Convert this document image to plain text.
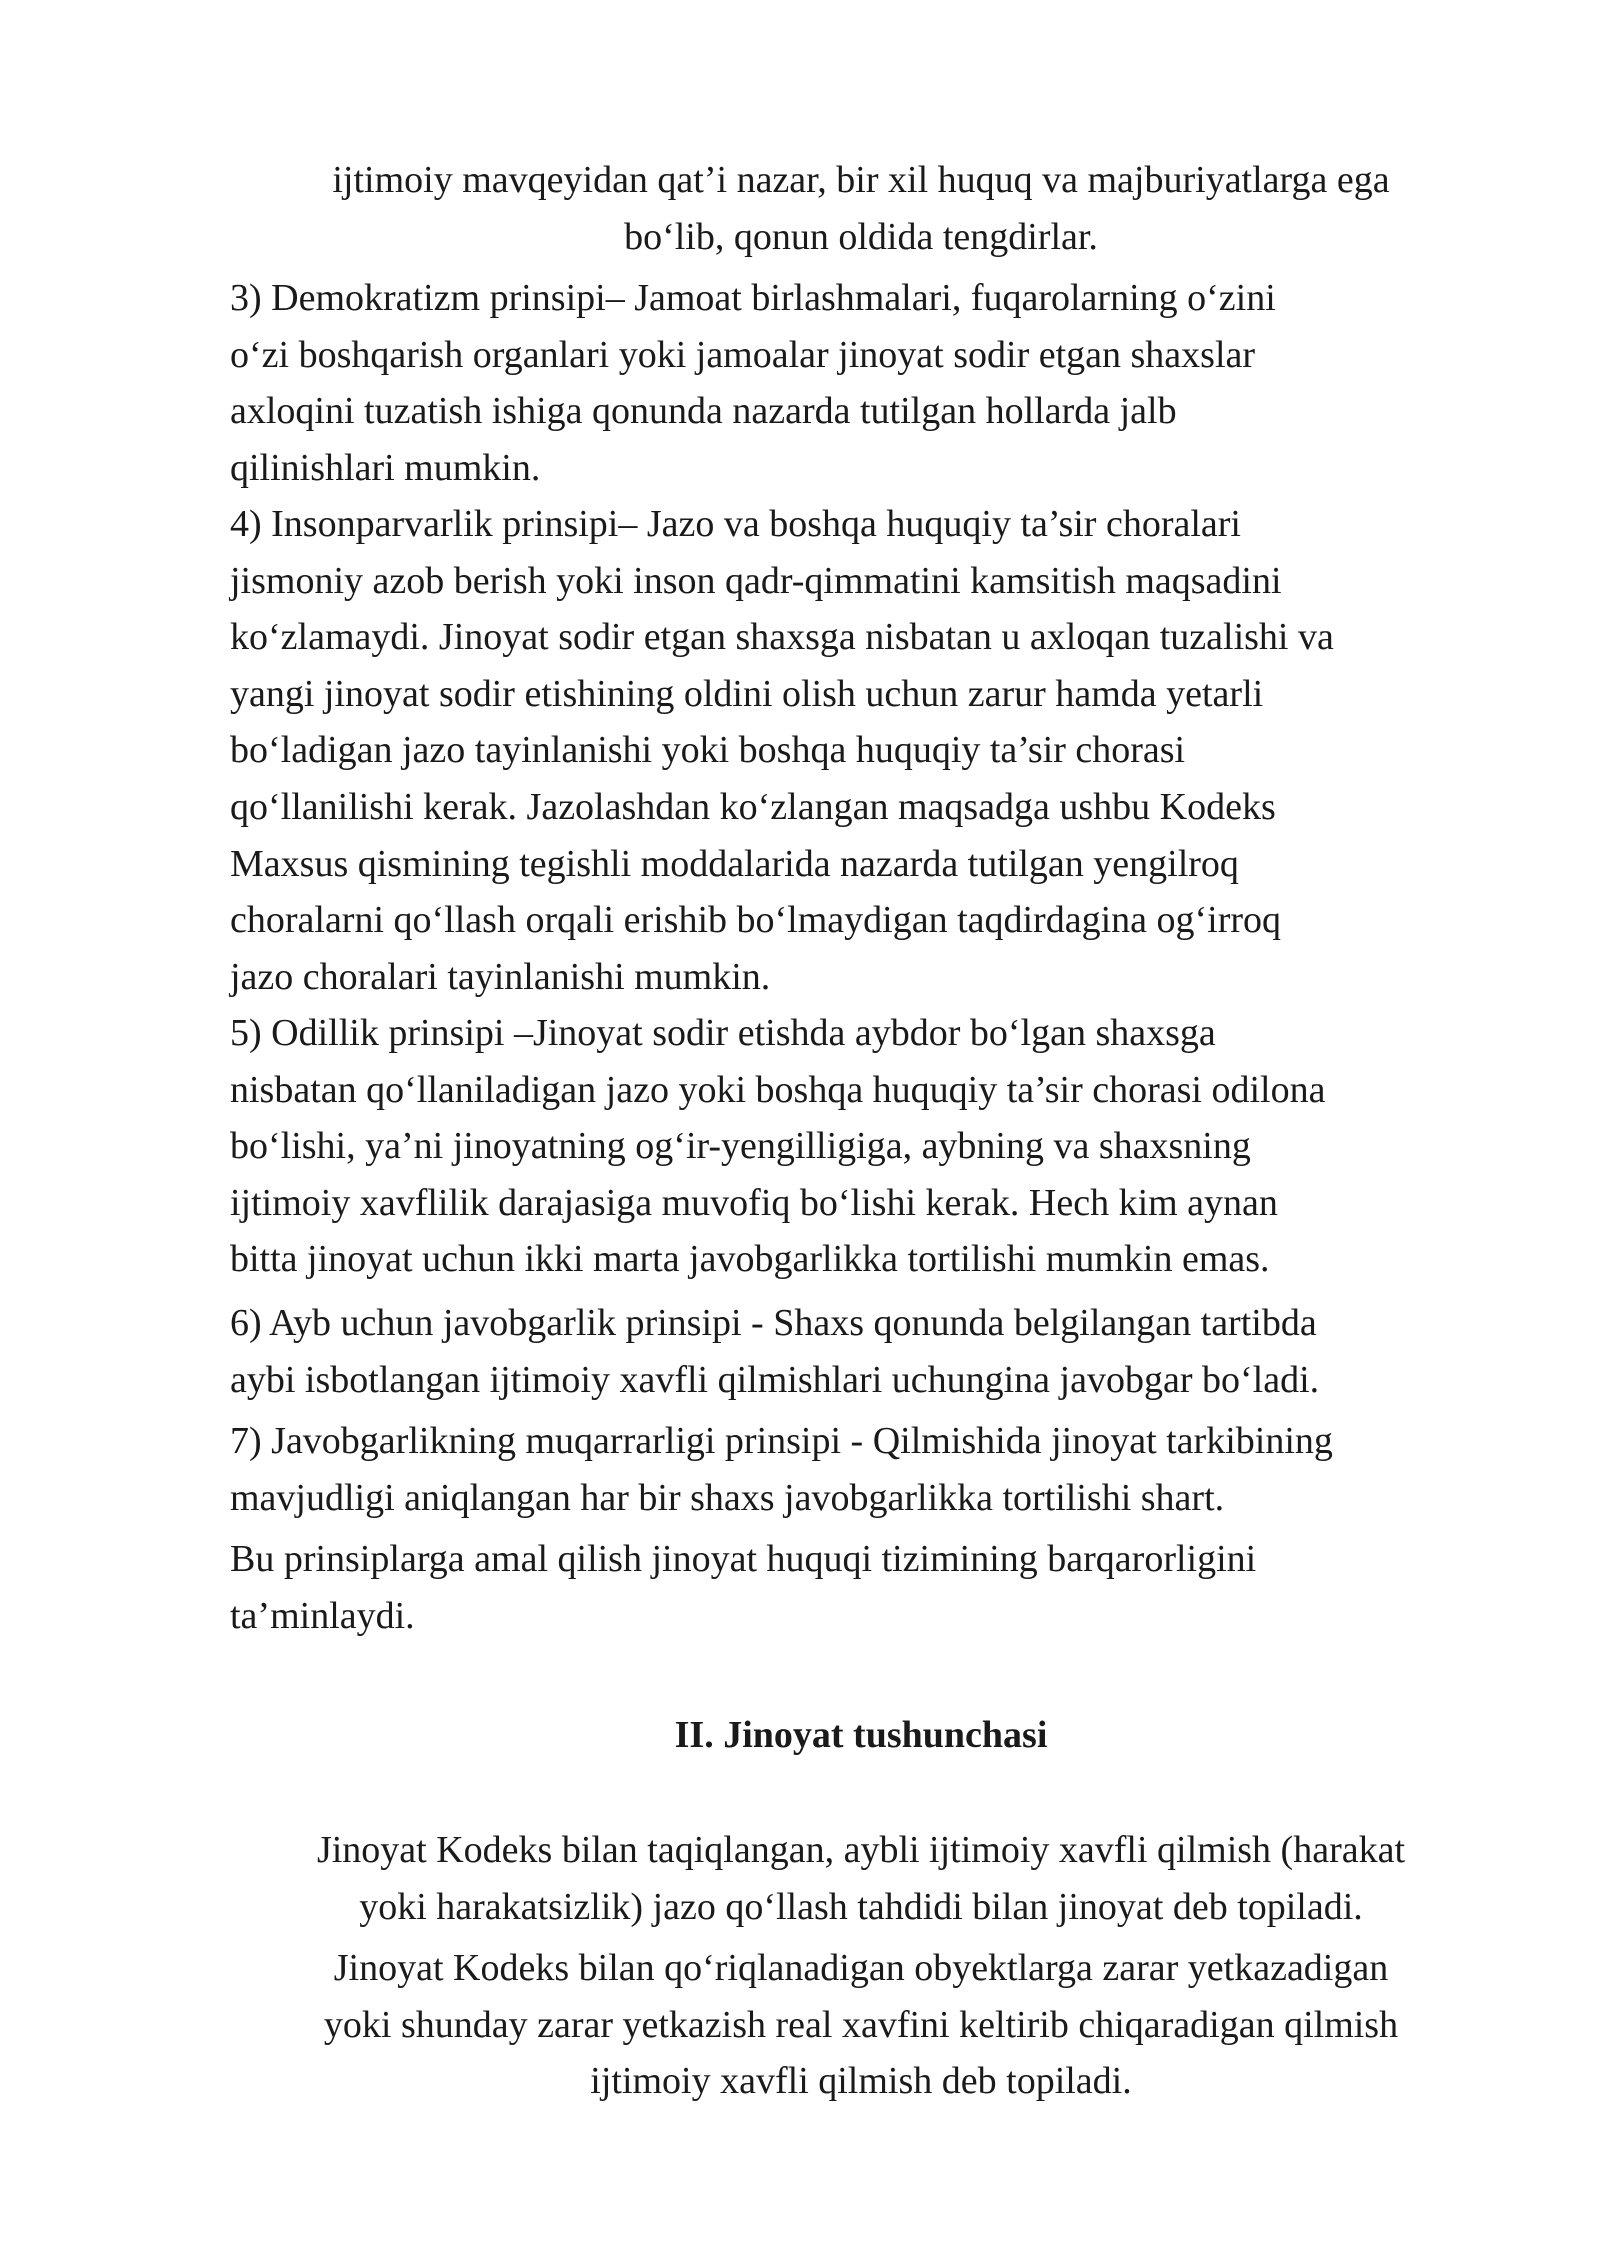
ijtimoiy mavqeyidan qat’i nazar, bir xil huquq va majburiyatlarga ega
bo‘lib, qonun oldida tengdirlar.
3) Demokratizm prinsipi– Jamoat birlashmalari, fuqarolarning o‘zini
o‘zi boshqarish organlari yoki jamoalar jinoyat sodir etgan shaxslar
axloqini tuzatish ishiga qonunda nazarda tutilgan hollarda jalb
qilinishlari mumkin.
4) Insonparvarlik prinsipi– Jazo va boshqa huquqiy ta’sir choralari
jismoniy azob berish yoki inson qadr-qimmatini kamsitish maqsadini
ko‘zlamaydi. Jinoyat sodir etgan shaxsga nisbatan u axloqan tuzalishi va
yangi jinoyat sodir etishining oldini olish uchun zarur hamda yetarli
bo‘ladigan jazo tayinlanishi yoki boshqa huquqiy ta’sir chorasi
qo‘llanilishi kerak. Jazolashdan ko‘zlangan maqsadga ushbu Kodeks
Maxsus qismining tegishli moddalarida nazarda tutilgan yengilroq
choralarni qo‘llash orqali erishib bo‘lmaydigan taqdirdagina og‘irroq
jazo choralari tayinlanishi mumkin.
5) Odillik prinsipi –Jinoyat sodir etishda aybdor bo‘lgan shaxsga
nisbatan qo‘llaniladigan jazo yoki boshqa huquqiy ta’sir chorasi odilona
bo‘lishi, ya’ni jinoyatning og‘ir-yengilligiga, aybning va shaxsning
ijtimoiy xavflilik darajasiga muvofiq bo‘lishi kerak. Hech kim aynan
bitta jinoyat uchun ikki marta javobgarlikka tortilishi mumkin emas.
6) Ayb uchun javobgarlik prinsipi - Shaxs qonunda belgilangan tartibda
aybi isbotlangan ijtimoiy xavfli qilmishlari uchungina javobgar bo‘ladi.
7) Javobgarlikning muqarrarligi prinsipi - Qilmishida jinoyat tarkibining
mavjudligi aniqlangan har bir shaxs javobgarlikka tortilishi shart.
Bu prinsiplarga amal qilish jinoyat huquqi tizimining barqarorligini
ta’minlaydi.
II. Jinoyat tushunchasi
Jinoyat Kodeks bilan taqiqlangan, aybli ijtimoiy xavfli qilmish (harakat
yoki harakatsizlik) jazo qo‘llash tahdidi bilan jinoyat deb topiladi.
Jinoyat Kodeks bilan qo‘riqlanadigan obyektlarga zarar yetkazadigan
yoki shunday zarar yetkazish real xavfini keltirib chiqaradigan qilmish
ijtimoiy xavfli qilmish deb topiladi.
